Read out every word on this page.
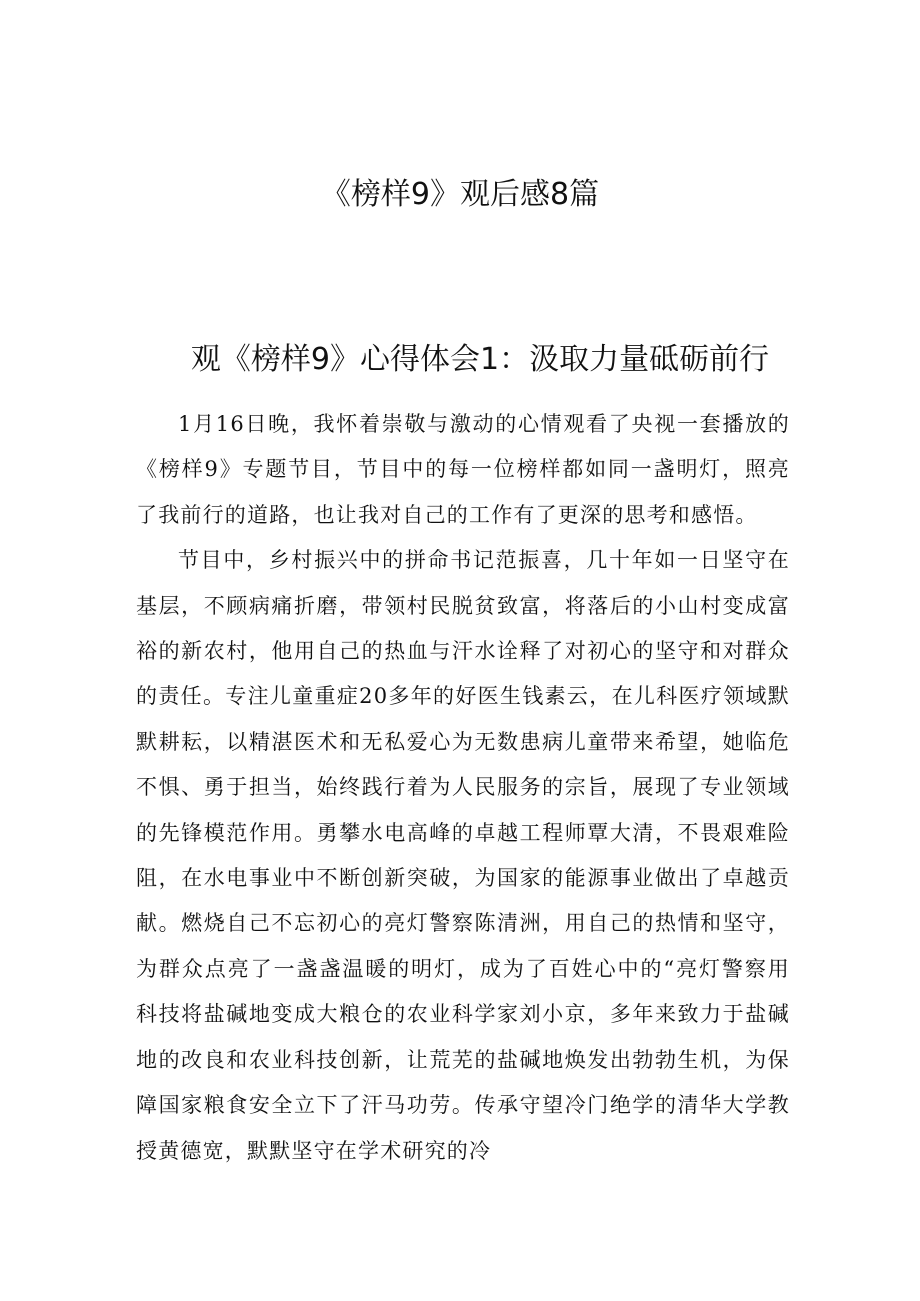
《榜样9》观后感8篇
观《榜样9》心得体会1：汲取力量砥砺前行

1月16日晚，我怀着崇敬与激动的心情观看了央视一套播放的《榜样9》专题节目，节目中的每一位榜样都如同一盏明灯，照亮了我前行的道路，也让我对自己的工作有了更深的思考和感悟。

节目中，乡村振兴中的拼命书记范振喜，几十年如一日坚守在基层，不顾病痛折磨，带领村民脱贫致富，将落后的小山村变成富裕的新农村，他用自己的热血与汗水诠释了对初心的坚守和对群众的责任。专注儿童重症20多年的好医生钱素云，在儿科医疗领域默默耕耘，以精湛医术和无私爱心为无数患病儿童带来希望，她临危不惧、勇于担当，始终践行着为人民服务的宗旨，展现了专业领域的先锋模范作用。勇攀水电高峰的卓越工程师覃大清，不畏艰难险阻，在水电事业中不断创新突破，为国家的能源事业做出了卓越贡献。燃烧自己不忘初心的亮灯警察陈清洲，用自己的热情和坚守，为群众点亮了一盏盏温暖的明灯，成为了百姓心中的“亮灯警察用科技将盐碱地变成大粮仓的农业科学家刘小京，多年来致力于盐碱地的改良和农业科技创新，让荒芜的盐碱地焕发出勃勃生机，为保障国家粮食安全立下了汗马功劳。传承守望冷门绝学的清华大学教授黄德宽，默默坚守在学术研究的冷
